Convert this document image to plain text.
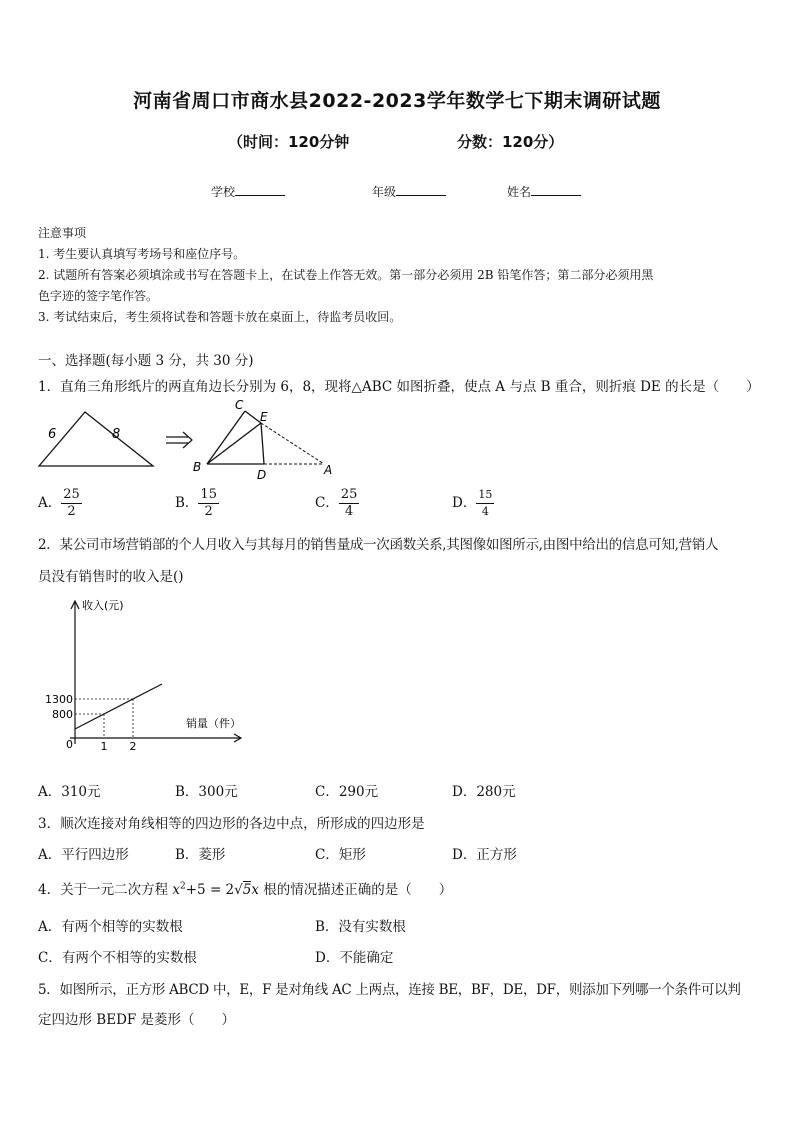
河南省周口市商水县2022-2023学年数学七下期末调研试题
（时间：120分钟	分数：120分）
学校	年级	姓名
注意事项
1. 考生要认真填写考场号和座位序号。
2. 试题所有答案必须填涂或书写在答题卡上，在试卷上作答无效。第一部分必须用 2B 铅笔作答；第二部分必须用黑
色字迹的签字笔作答。
3. 考试结束后，考生须将试卷和答题卡放在桌面上，待监考员收回。
一、选择题(每小题 3 分，共 30 分)
1．直角三角形纸片的两直角边长分别为 6，8，现将△ABC 如图折叠，使点 A 与点 B 重合，则折痕 DE 的长是（　　）
6	8
C
E
B
D	A
A． $\frac{25}{2}$	B． $\frac{15}{2}$	C． $\frac{25}{4}$	D． $\frac{15}{4}$
2．某公司市场营销部的个人月收入与其每月的销售量成一次函数关系,其图像如图所示,由图中给出的信息可知,营销人
员没有销售时的收入是()
收入(元)
销量（件）
0
800
1300
1 2
A．310元	B．300元	C．290元	D．280元
3．顺次连接对角线相等的四边形的各边中点，所形成的四边形是
A．平行四边形	B．菱形	C．矩形	D．正方形
4．关于一元二次方程 $x^2+5 = 2√5x$ 根的情况描述正确的是（　　）
A．有两个相等的实数根	B．没有实数根
C．有两个不相等的实数根	D．不能确定
5．如图所示，正方形 ABCD 中，E，F 是对角线 AC 上两点，连接 BE，BF，DE，DF，则添加下列哪一个条件可以判
定四边形 BEDF 是菱形（　　）
